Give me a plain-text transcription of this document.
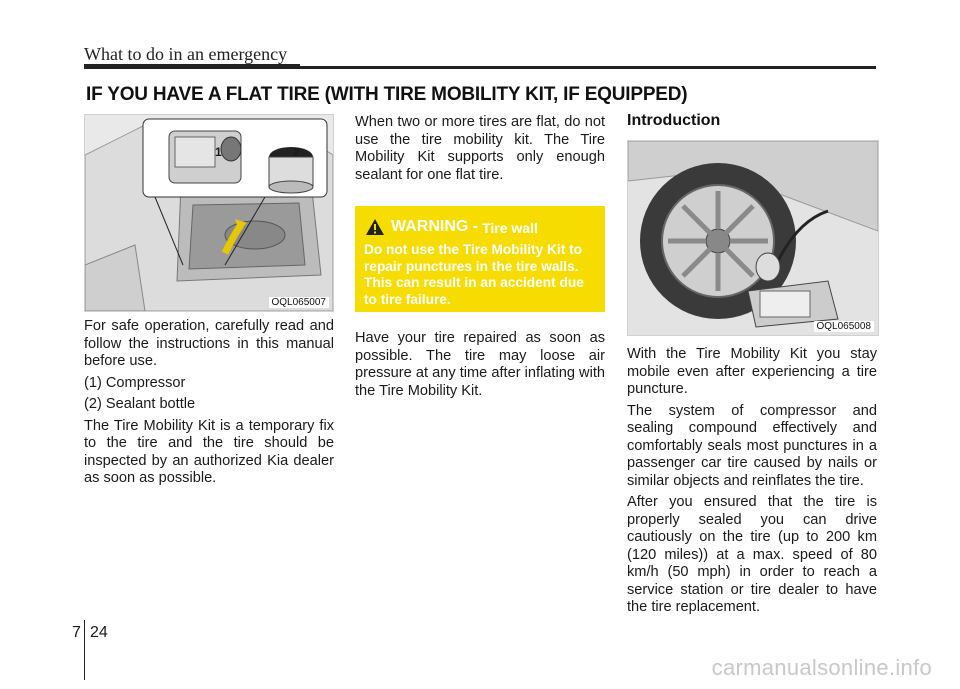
What to do in an emergency
IF YOU HAVE A FLAT TIRE (WITH TIRE MOBILITY KIT, IF EQUIPPED)
1	2
OQL065007

For safe operation, carefully read and follow the instructions in this manual before use.

(1) Compressor

(2) Sealant bottle

The Tire Mobility Kit is a temporary fix to the tire and the tire should be inspected by an authorized Kia dealer as soon as possible.

When two or more tires are flat, do not use the tire mobility kit. The Tire Mobility Kit supports only enough sealant for one flat tire.

WARNING - Tire wall
Do not use the Tire Mobility Kit to repair punctures in the tire walls. This can result in an accident due to tire failure.

Have your tire repaired as soon as possible. The tire may loose air pressure at any time after inflating with the Tire Mobility Kit.

Introduction
OQL065008

With the Tire Mobility Kit you stay mobile even after experiencing a tire puncture.

The system of compressor and sealing compound effectively and comfortably seals most punctures in a passenger car tire caused by nails or similar objects and reinflates the tire.

After you ensured that the tire is properly sealed you can drive cautiously on the tire (up to 200 km (120 miles)) at a max. speed of 80 km/h (50 mph) in order to reach a service station or tire dealer to have the tire replacement.

7 24
carmanualsonline.info
